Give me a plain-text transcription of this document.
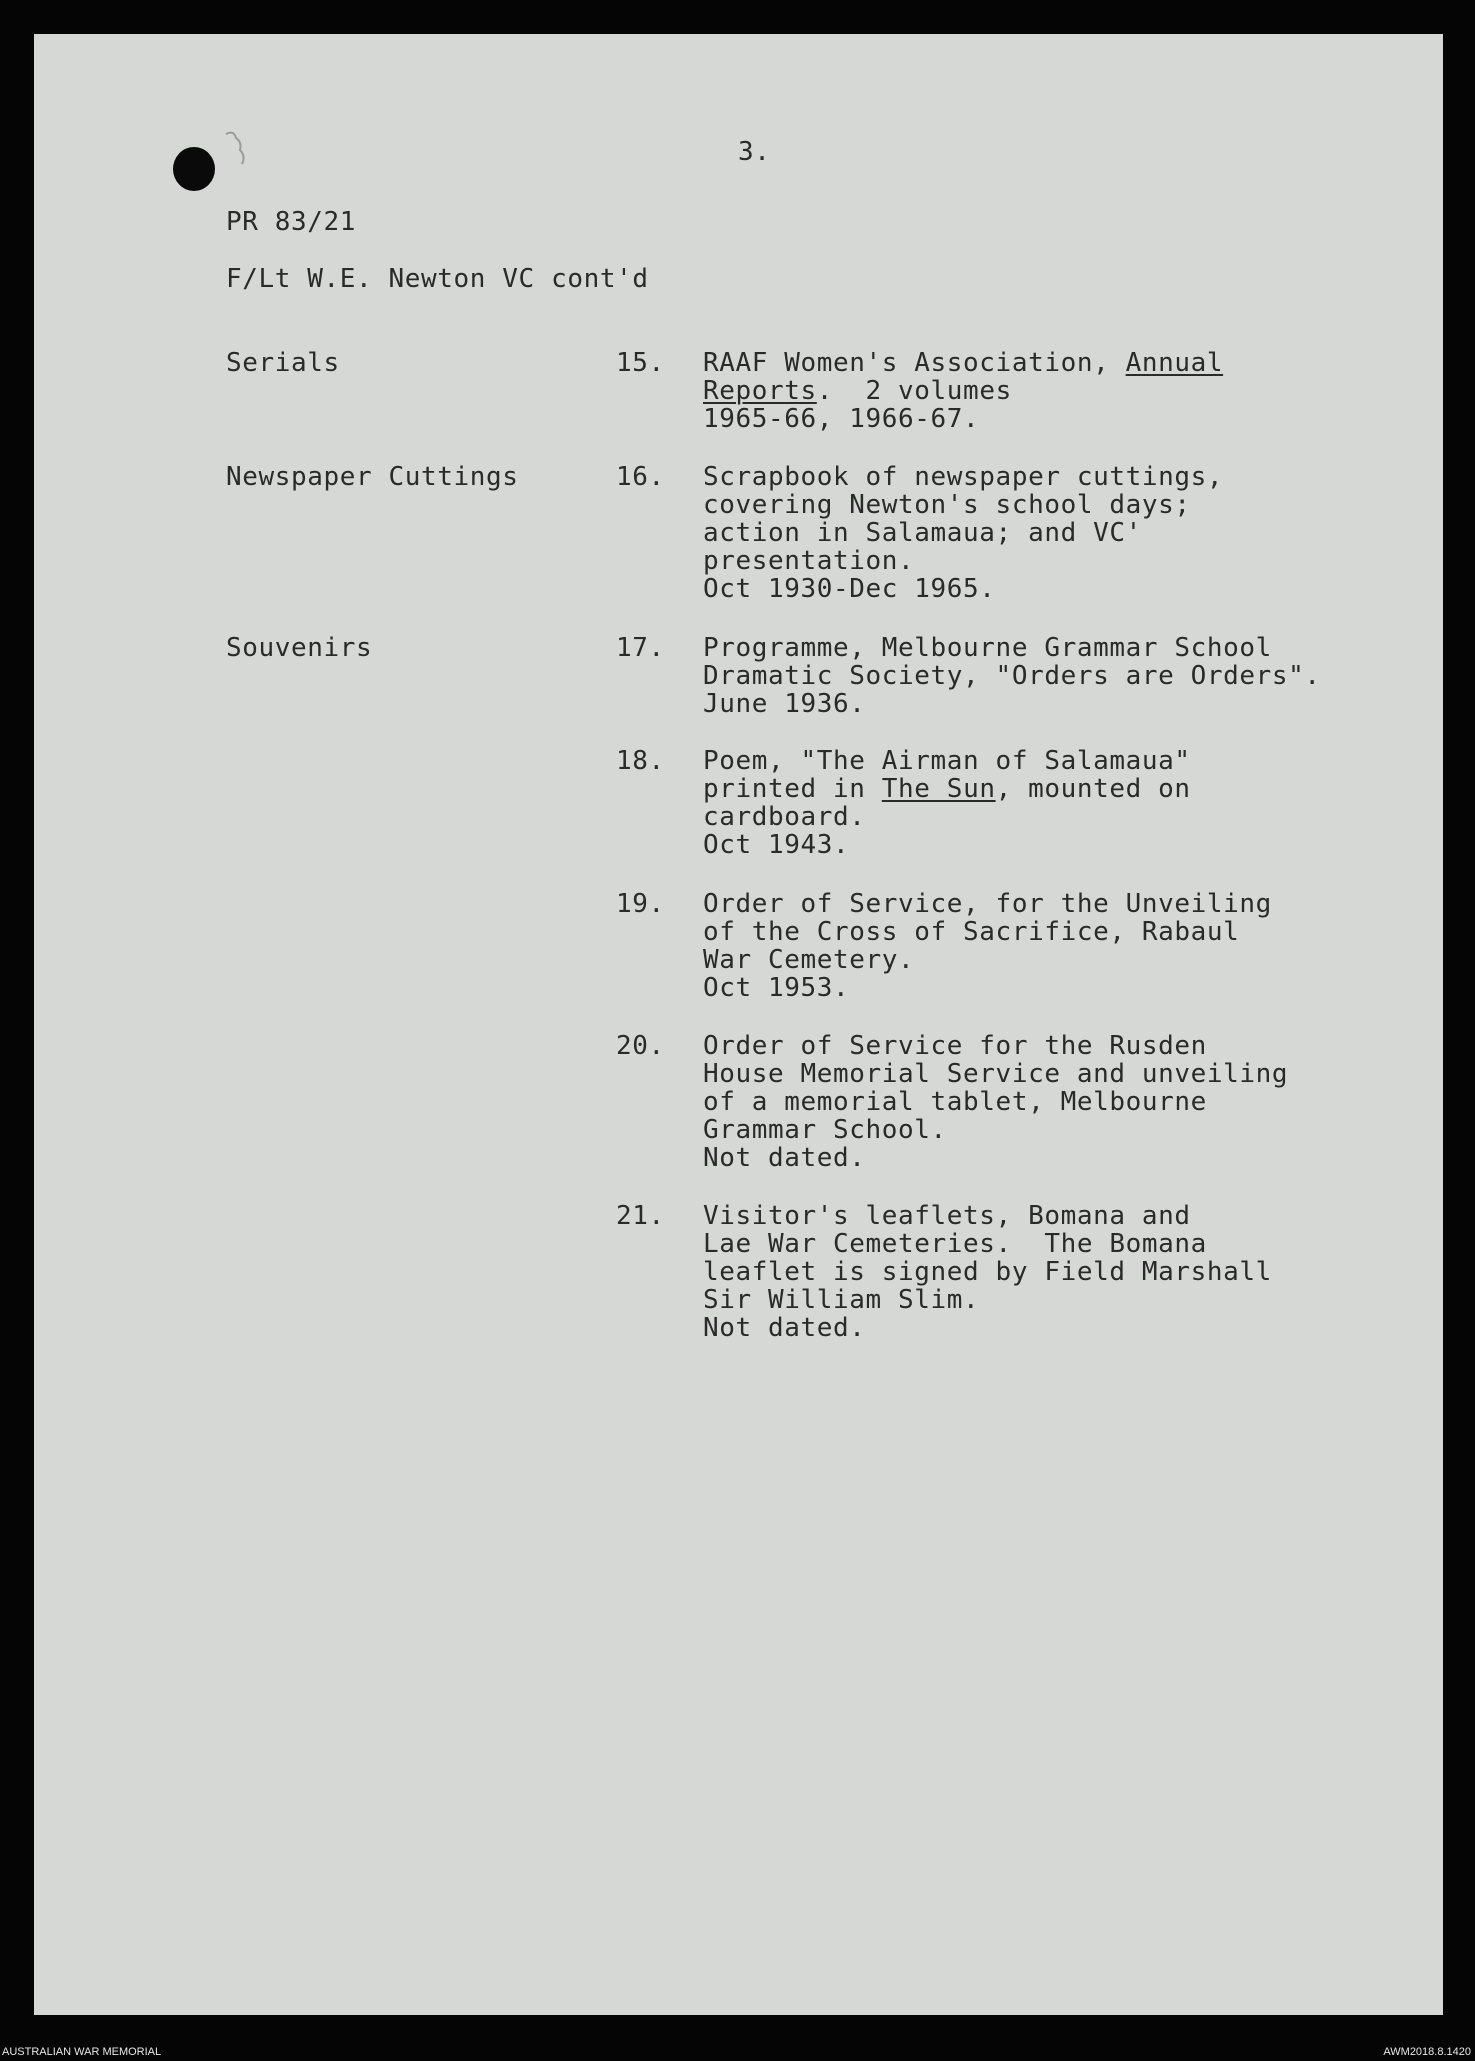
3.
PR 83/21
F/Lt W.E. Newton VC cont'd
Serials	15. RAAF Women's Association, Annual
Reports.  2 volumes
1965-66, 1966-67.
Newspaper Cuttings	16. Scrapbook of newspaper cuttings,
covering Newton's school days;
action in Salamaua; and VC'
presentation.
Oct 1930-Dec 1965.
Souvenirs	17. Programme, Melbourne Grammar School
Dramatic Society, "Orders are Orders".
June 1936.
18. Poem, "The Airman of Salamaua"
printed in The Sun, mounted on
cardboard.
Oct 1943.
19. Order of Service, for the Unveiling
of the Cross of Sacrifice, Rabaul
War Cemetery.
Oct 1953.
20. Order of Service for the Rusden
House Memorial Service and unveiling
of a memorial tablet, Melbourne
Grammar School.
Not dated.
21. Visitor's leaflets, Bomana and
Lae War Cemeteries.  The Bomana
leaflet is signed by Field Marshall
Sir William Slim.
Not dated.
AUSTRALIAN WAR MEMORIAL	AWM2018.8.1420
